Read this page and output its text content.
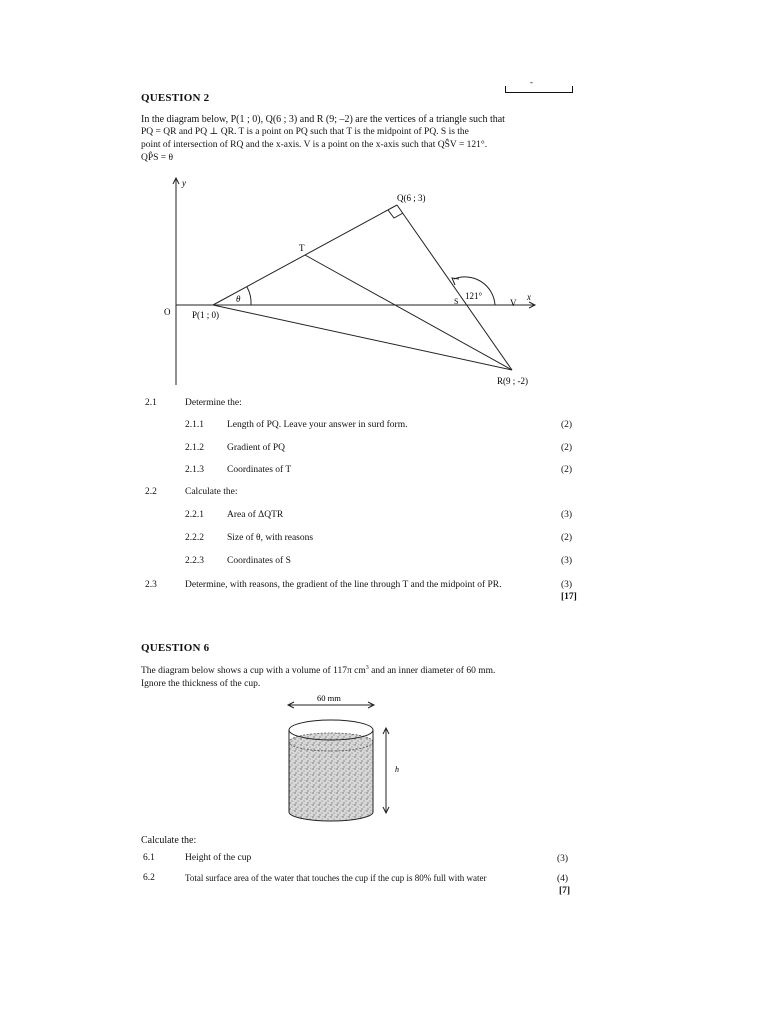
-
QUESTION 2
In the diagram below, P(1 ; 0), Q(6 ; 3) and R (9; –2) are the vertices of a triangle such that
PQ = QR and PQ ⊥ QR. T is a point on PQ such that T is the midpoint of PQ. S is the
point of intersection of RQ and the x-axis. V is a point on the x-axis such that QŜV = 121°.
QP̂S = θ
y
x
O
Q(6 ; 3)
T
P(1 ; 0)
R(9 ; -2)
S	V
θ	121°
2.1	Determine the:
2.1.1 Length of PQ. Leave your answer in surd form.	(2)
2.1.2 Gradient of PQ	(2)
2.1.3 Coordinates of T	(2)
2.2	Calculate the:
2.2.1 Area of ΔQTR	(3)
2.2.2 Size of θ, with reasons	(2)
2.2.3 Coordinates of S	(3)
2.3	Determine, with reasons, the gradient of the line through T and the midpoint of PR.	(3)
[17]
QUESTION 6
The diagram below shows a cup with a volume of 117π $cm^3$ and an inner diameter of 60 mm.
Ignore the thickness of the cup.
60 mm
h
Calculate the:
6.1	Height of the cup	(3)
6.2	Total surface area of the water that touches the cup if the cup is 80% full with water	(4)
[7]
